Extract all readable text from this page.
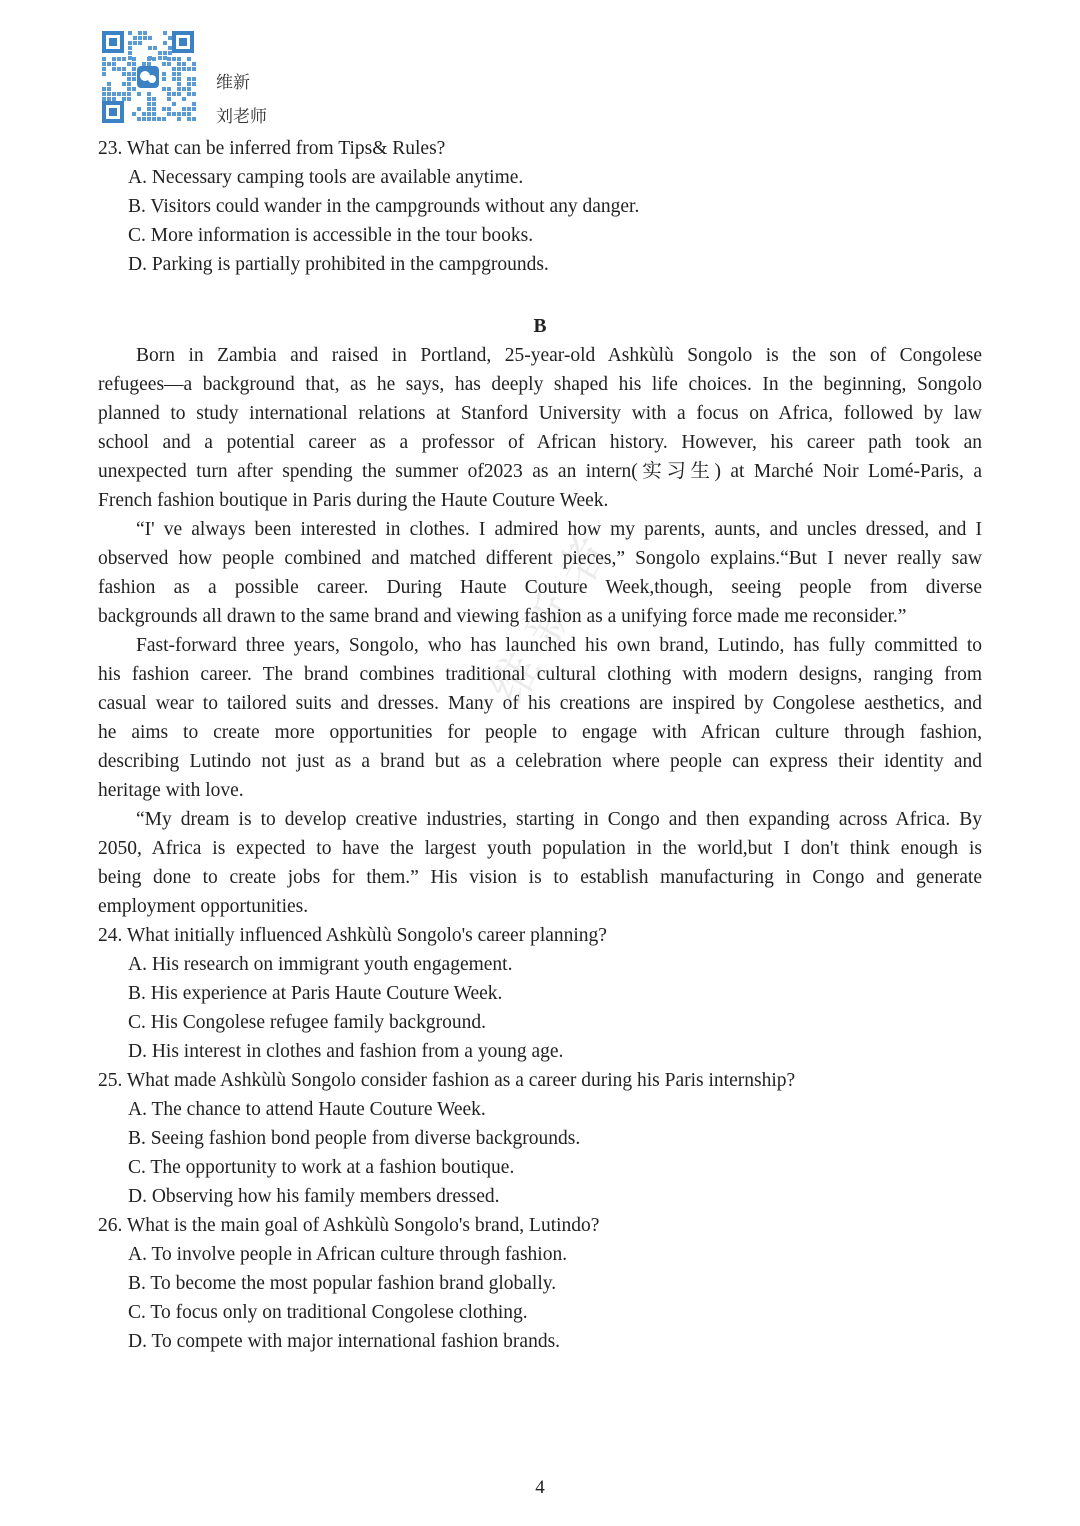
维新
刘老师
维新者
23. What can be inferred from Tips& Rules?
A. Necessary camping tools are available anytime.
B. Visitors could wander in the campgrounds without any danger.
C. More information is accessible in the tour books.
D. Parking is partially prohibited in the campgrounds.
B
Born in Zambia and raised in Portland, 25-year-old Ashkùlù Songolo is the son of Congolese
refugees—a background that, as he says, has deeply shaped his life choices. In the beginning, Songolo
planned to study international relations at Stanford University with a focus on Africa, followed by law
school and a potential career as a professor of African history. However, his career path took an
unexpected turn after spending the summer of2023 as an intern(实习生) at Marché Noir Lomé-Paris, a
French fashion boutique in Paris during the Haute Couture Week.
“I' ve always been interested in clothes. I admired how my parents, aunts, and uncles dressed, and I
observed how people combined and matched different pieces,” Songolo explains.“But I never really saw
fashion as a possible career. During Haute Couture Week,though, seeing people from diverse
backgrounds all drawn to the same brand and viewing fashion as a unifying force made me reconsider.”
Fast-forward three years, Songolo, who has launched his own brand, Lutindo, has fully committed to
his fashion career. The brand combines traditional cultural clothing with modern designs, ranging from
casual wear to tailored suits and dresses. Many of his creations are inspired by Congolese aesthetics, and
he aims to create more opportunities for people to engage with African culture through fashion,
describing Lutindo not just as a brand but as a celebration where people can express their identity and
heritage with love.
“My dream is to develop creative industries, starting in Congo and then expanding across Africa. By
2050, Africa is expected to have the largest youth population in the world,but I don't think enough is
being done to create jobs for them.” His vision is to establish manufacturing in Congo and generate
employment opportunities.
24. What initially influenced Ashkùlù Songolo's career planning?
A. His research on immigrant youth engagement.
B. His experience at Paris Haute Couture Week.
C. His Congolese refugee family background.
D. His interest in clothes and fashion from a young age.
25. What made Ashkùlù Songolo consider fashion as a career during his Paris internship?
A. The chance to attend Haute Couture Week.
B. Seeing fashion bond people from diverse backgrounds.
C. The opportunity to work at a fashion boutique.
D. Observing how his family members dressed.
26. What is the main goal of Ashkùlù Songolo's brand, Lutindo?
A. To involve people in African culture through fashion.
B. To become the most popular fashion brand globally.
C. To focus only on traditional Congolese clothing.
D. To compete with major international fashion brands.
4
